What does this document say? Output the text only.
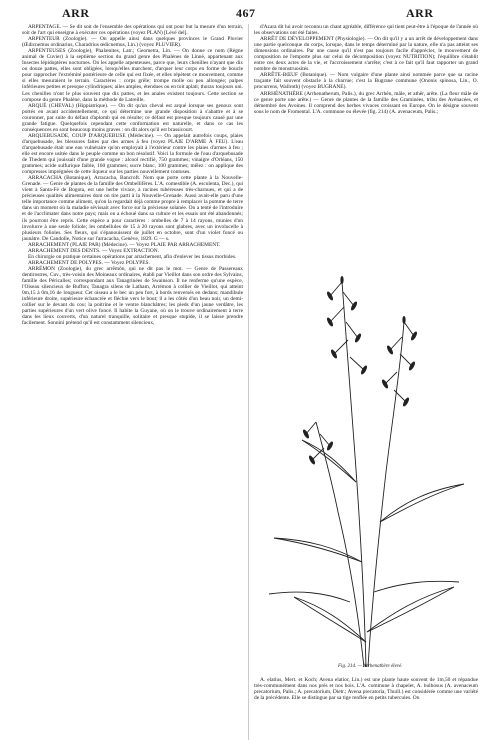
ARR	467	ARR

ARPENTAGE. — Se dit soit de l'ensemble des opérations qui ont pour but la mesure d'un terrain, soit de l'art qui enseigne à exécuter ces opérations (voyez PLAN) [Lévé del].

ARPENTEUR (Zoologie). — On appelle ainsi dans quelques provinces le Grand Pluvier (Œdicnemus ordinarius, Charadrius œdicnemus, Lin.) (voyez PLUVIER).

ARPENTEUSES (Zoologie), Phalænites, Latr.; Geometra, Lin. — On donne ce nom (Règne animal de Cuvier) à la septième section du grand genre des Phalènes de Linné, appartenant aux Insectes lépidoptères nocturnes. On les appelle arpenteuses, parce que, leurs chenilles n'ayant que dix ou douze pattes, elles sont obligées, lorsqu'elles marchent, d'arquer leur corps en forme de boucle pour rapprocher l'extrémité postérieure de celle qui est fixée, et elles répètent ce mouvement, comme si elles mesuraient le terrain. Caractères : corps grêle; trompe molle ou peu allongée; palpes inférieures petites et presque cylindriques; ailes amples, étendues ou en toit aplati; thorax toujours uni. Les chenilles n'ont le plus souvent que dix pattes, et les anales existent toujours. Cette section se compose du genre Phalène, dans la méthode de Latreille.

ARQUÉ (CHEVAL) (Hippiatrique). — On dit qu'un cheval est arqué lorsque ses genoux sont portés en avant accidentellement, ce qui détermine une grande disposition à s'abattre et à se couronner, par suite du défaut d'aplomb qui en résulte; ce défaut est presque toujours causé par une grande fatigue. Quelquefois cependant cette conformation est naturelle, et dans ce cas les conséquences en sont beaucoup moins graves : on dit alors qu'il est brassicourt.

ARQUEBUSADE, COUP D'ARQUEBUSE (Médecine). — On appelait autrefois coups, plaies d'arquebusade, les blessures faites par des armes à feu (voyez PLAIE D'ARME À FEU). L'eau d'arquebusade était une eau vulnéraire qu'on employait à l'extérieur contre les plaies d'armes à feu ; elle est encore usitée dans le peuple comme un bon résolutif. Voici la formule de l'eau d'arquebusade de Thedem qui jouissait d'une grande vogue : alcool rectifié, 750 grammes; vinaigre d'Orléans, 150 grammes; acide sulfurique faible, 160 grammes; sucre blanc, 100 grammes; mêlez : on applique des compresses imprégnées de cette liqueur sur les parties nouvellement contuses.

ARRACACHA (Botanique), Arracacha, Bancroft. Nom que porte cette plante à la Nouvelle-Grenade. — Genre de plantes de la famille des Ombellifères. L'A. comestible (A. esculenta, Dec.), qui vient à Santa-Fé de Bogota, est une herbe vivace, à racines tubéreuses très-charnues, et qui a de précieuses qualités alimentaires dont on tire parti à la Nouvelle-Grenade. Aussi avait-elle paru d'une telle importance comme aliment, qu'on la regardait déjà comme propre à remplacer la pomme de terre dans un moment où la maladie sévissait avec force sur la précieuse solanée. On a tenté de l'introduire et de l'acclimater dans notre pays; mais on a échoué dans sa culture et les essais ont été abandonnés; ils pourront être repris. Cette espèce a pour caractères : ombelles de 7 à 14 rayons, munies d'un involucre à une seule foliole; les ombellules de 15 à 20 rayons sont glabres, avec un involucelle à plusieurs folioles. Ses fleurs, qui s'épanouissent de juillet en octobre, sont d'un violet foncé ou jaunâtre. De Candolle, Notice sur l'arracacha, Genève, 1829. G — s.

ARRACHEMENT (PLAIE PAR) (Médecine). — Voyez PLAIE PAR ARRACHEMENT.

ARRACHEMENT DES DENTS. — Voyez EXTRACTION.

En chirurgie on pratique certaines opérations par arrachement, afin d'enlever les tissus morbides.

ARRACHEMENT DE POLYPES. — Voyez POLYPES.

ARRÉMON (Zoologie), du grec arrêmôn, qui ne dit pas le mot. — Genre de Passereaux dentirostres, Cuv., très-voisin des Moineaux ordinaires, établi par Vieillot dans son ordre des Sylvains, famille des Péricalles; correspondant aux Tanagrinées de Swainson. Il ne renferme qu'une espèce, l'Oiseau silencieux de Buffon; Tanagra silens de Latham, Arrémon à collier de Vieillot, qui atteint 0m,15 à 0m,16 de longueur. Cet oiseau a le bec un peu fort, à bords renversés en dedans; mandibule inférieure droite, supérieure échancrée et fléchie vers le bout; il a les côtés d'un beau noir, un demi-collier sur le devant du cou; la poitrine et le ventre blanchâtres; les pieds d'un jaune verdâtre, les parties supérieures d'un vert olive foncé. Il habite la Guyane, où on le trouve ordinairement à terre dans les lieux couverts, d'un naturel tranquille, solitaire et presque stupide, il se laisse prendre facilement. Sonnini prétend qu'il est constamment silencieux,

d'Azara dit lui avoir reconnu un chant agréable, différence qui tient peut-être à l'époque de l'année où les observations ont été faites.

ARRÊT DE DÉVELOPPEMENT (Physiologie). — On dit qu'il y a un arrêt de développement dans une partie quelconque du corps, lorsque, dans le temps déterminé par la nature, elle n'a pas atteint ses dimensions ordinaires. Par une cause qu'il n'est pas toujours facile d'apprécier, le mouvement de composition ne l'emporte plus sur celui de décomposition (voyez NUTRITION); l'équilibre s'établit entre ces deux actes de la vie, et l'accroissement s'arrête; c'est à ce fait qu'il faut rapporter un grand nombre de monstruosités.

ARRÊTE-BŒUF (Botanique). — Nom vulgaire d'une plante ainsi nommée parce que sa racine traçante fait souvent obstacle à la charrue; c'est la Bugrane commune (Ononis spinosa, Lin., O. procurrens, Wallroth) (voyez BUGRANE).

ARRHÉNATHÈRE (Arrhenatherum, Palis.), du grec Arrhên, mâle, et athêr, arête. (La fleur mâle de ce genre porte une arête.) — Genre de plantes de la famille des Graminées, tribu des Avénacées, et démembré des Avoines. Il comprend des herbes vivaces croissant en Europe. On le désigne souvent sous le nom de Fromental. L'A. commune ou élevée (fig. 214) (A. avenaceum, Palis.;

Fig. 214. — Arrhenathère élevé.

A. elatius, Mert. et Koch; Avena elatior, Lin.) est une plante haute souvent de 1m,50 et répandue très-communément dans nos prés et nos bois. L'A. commune à chapelet, A. bulbosus (A. avenaceum precatorium, Palis.; A. precatorium, Dietr.; Avena precatoria, Thuill.) est considérée comme une variété de la précédente. Elle se distingue par sa tige renflée en petits tubercules. On
